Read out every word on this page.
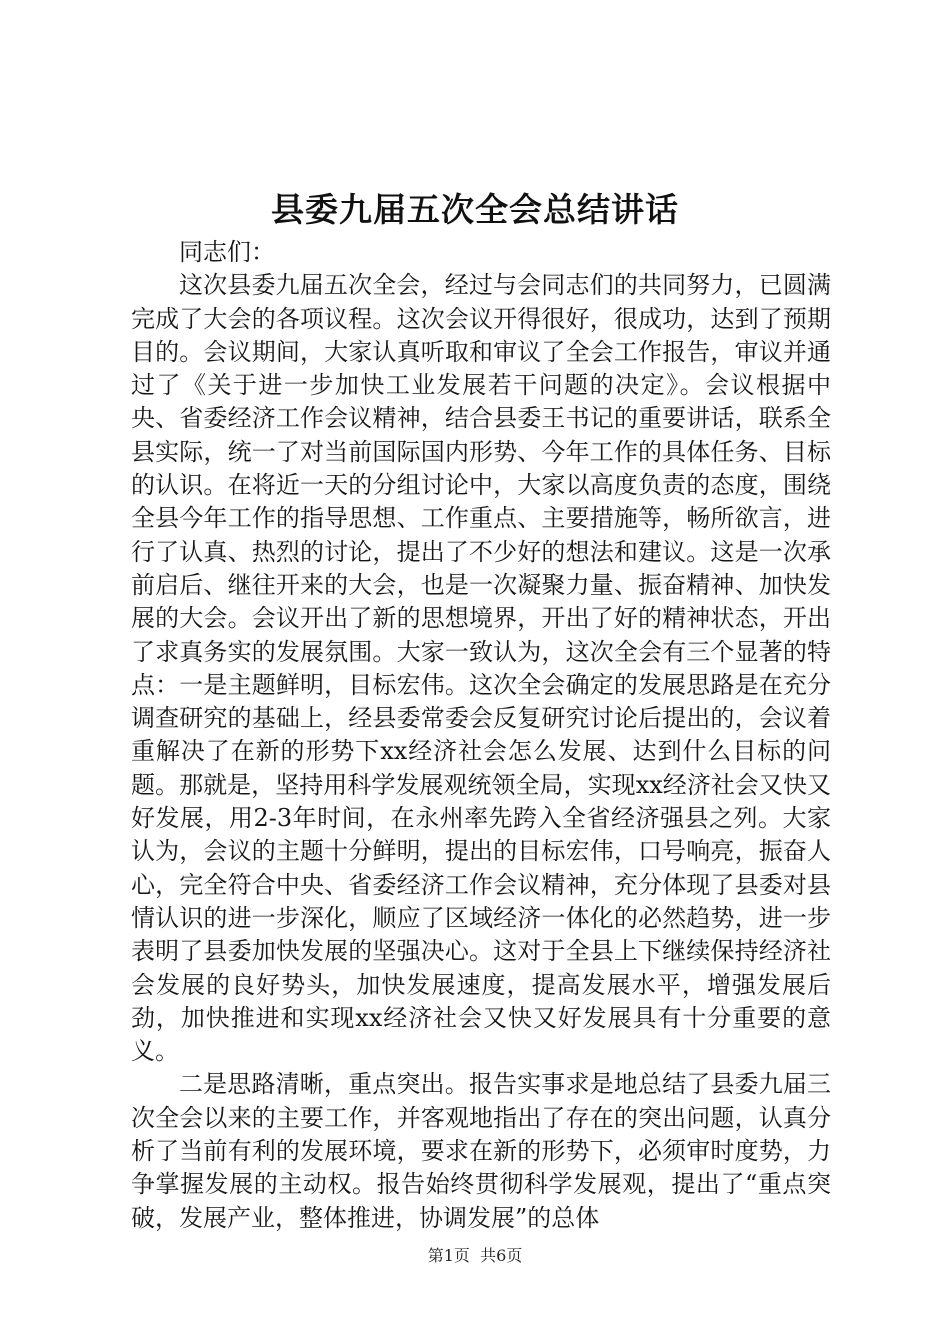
县委九届五次全会总结讲话

同志们：

这次县委九届五次全会，经过与会同志们的共同努力，已圆满完成了大会的各项议程。这次会议开得很好，很成功，达到了预期目的。会议期间，大家认真听取和审议了全会工作报告，审议并通过了《关于进一步加快工业发展若干问题的决定》。会议根据中央、省委经济工作会议精神，结合县委王书记的重要讲话，联系全县实际，统一了对当前国际国内形势、今年工作的具体任务、目标的认识。在将近一天的分组讨论中，大家以高度负责的态度，围绕全县今年工作的指导思想、工作重点、主要措施等，畅所欲言，进行了认真、热烈的讨论，提出了不少好的想法和建议。这是一次承前启后、继往开来的大会，也是一次凝聚力量、振奋精神、加快发展的大会。会议开出了新的思想境界，开出了好的精神状态，开出了求真务实的发展氛围。大家一致认为，这次全会有三个显著的特点：一是主题鲜明，目标宏伟。这次全会确定的发展思路是在充分调查研究的基础上，经县委常委会反复研究讨论后提出的，会议着重解决了在新的形势下xx经济社会怎么发展、达到什么目标的问题。那就是，坚持用科学发展观统领全局，实现xx经济社会又快又好发展，用2-3年时间，在永州率先跨入全省经济强县之列。大家认为，会议的主题十分鲜明，提出的目标宏伟，口号响亮，振奋人心，完全符合中央、省委经济工作会议精神，充分体现了县委对县情认识的进一步深化，顺应了区域经济一体化的必然趋势，进一步表明了县委加快发展的坚强决心。这对于全县上下继续保持经济社会发展的良好势头，加快发展速度，提高发展水平，增强发展后劲，加快推进和实现xx经济社会又快又好发展具有十分重要的意义。

二是思路清晰，重点突出。报告实事求是地总结了县委九届三次全会以来的主要工作，并客观地指出了存在的突出问题，认真分析了当前有利的发展环境，要求在新的形势下，必须审时度势，力争掌握发展的主动权。报告始终贯彻科学发展观，提出了“重点突破，发展产业，整体推进，协调发展”的总体

第1页 共6页
